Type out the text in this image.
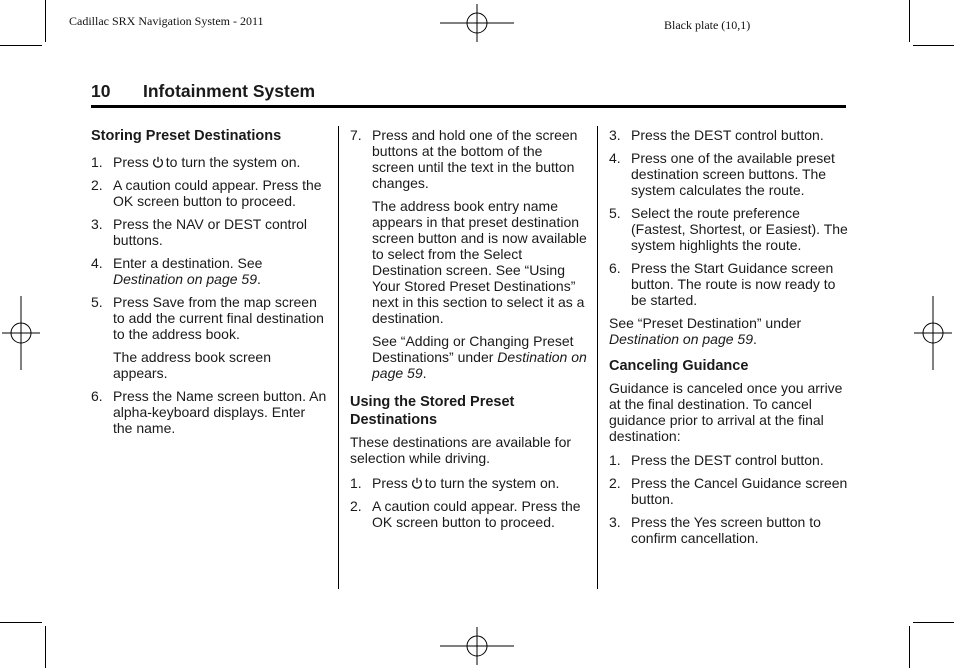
Cadillac SRX Navigation System - 2011	Black plate (10,1)
10 Infotainment System
Storing Preset Destinations
1. Press to turn the system on.
2. A caution could appear. Press the OK screen button to proceed.
3. Press the NAV or DEST control buttons.
4. Enter a destination. See Destination on page 59.
5. Press Save from the map screen to add the current final destination to the address book.

The address book screen appears.

6. Press the Name screen button. An alpha-keyboard displays. Enter the name.
7. Press and hold one of the screen buttons at the bottom of the screen until the text in the button changes.

The address book entry name appears in that preset destination screen button and is now available to select from the Select Destination screen. See “Using Your Stored Preset Destinations” next in this section to select it as a destination.

See “Adding or Changing Preset Destinations” under Destination on page 59.

Using the Stored Preset Destinations

These destinations are available for selection while driving.

1. Press to turn the system on.
2. A caution could appear. Press the OK screen button to proceed.
3. Press the DEST control button.
4. Press one of the available preset destination screen buttons. The system calculates the route.
5. Select the route preference (Fastest, Shortest, or Easiest). The system highlights the route.
6. Press the Start Guidance screen button. The route is now ready to be started.

See “Preset Destination” under Destination on page 59.

Canceling Guidance

Guidance is canceled once you arrive at the final destination. To cancel guidance prior to arrival at the final destination:

1. Press the DEST control button.
2. Press the Cancel Guidance screen button.
3. Press the Yes screen button to confirm cancellation.
